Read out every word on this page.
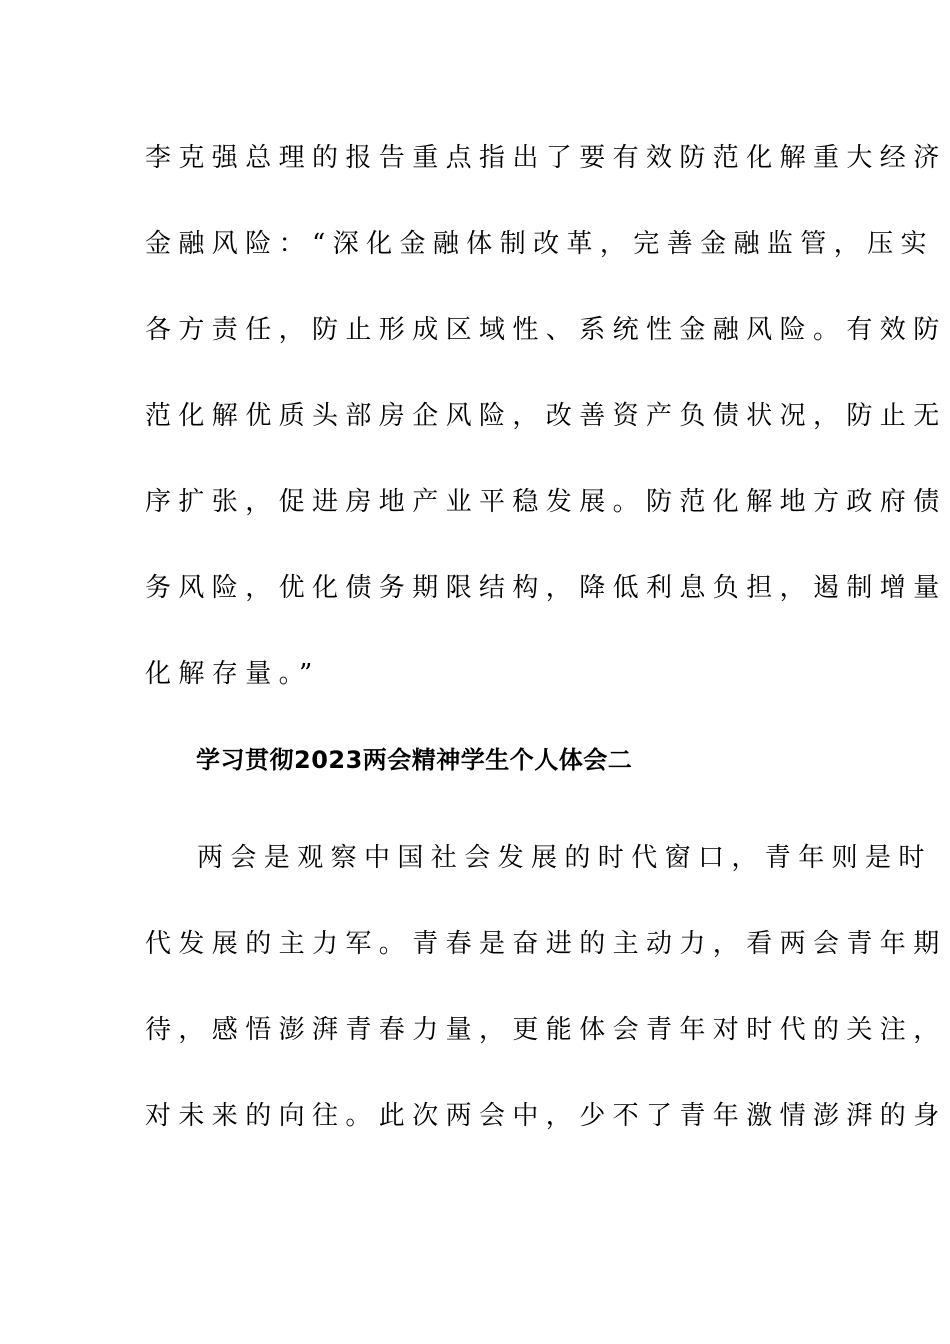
李克强总理的报告重点指出了要有效防范化解重大经济
金融风险：“深化金融体制改革，完善金融监管，压实
各方责任，防止形成区域性、系统性金融风险。有效防
范化解优质头部房企风险，改善资产负债状况，防止无
序扩张，促进房地产业平稳发展。防范化解地方政府债
务风险，优化债务期限结构，降低利息负担，遏制增量
化解存量。”
学习贯彻2023两会精神学生个人体会二
两会是观察中国社会发展的时代窗口，青年则是时
代发展的主力军。青春是奋进的主动力，看两会青年期
待，感悟澎湃青春力量，更能体会青年对时代的关注，
对未来的向往。此次两会中，少不了青年激情澎湃的身
